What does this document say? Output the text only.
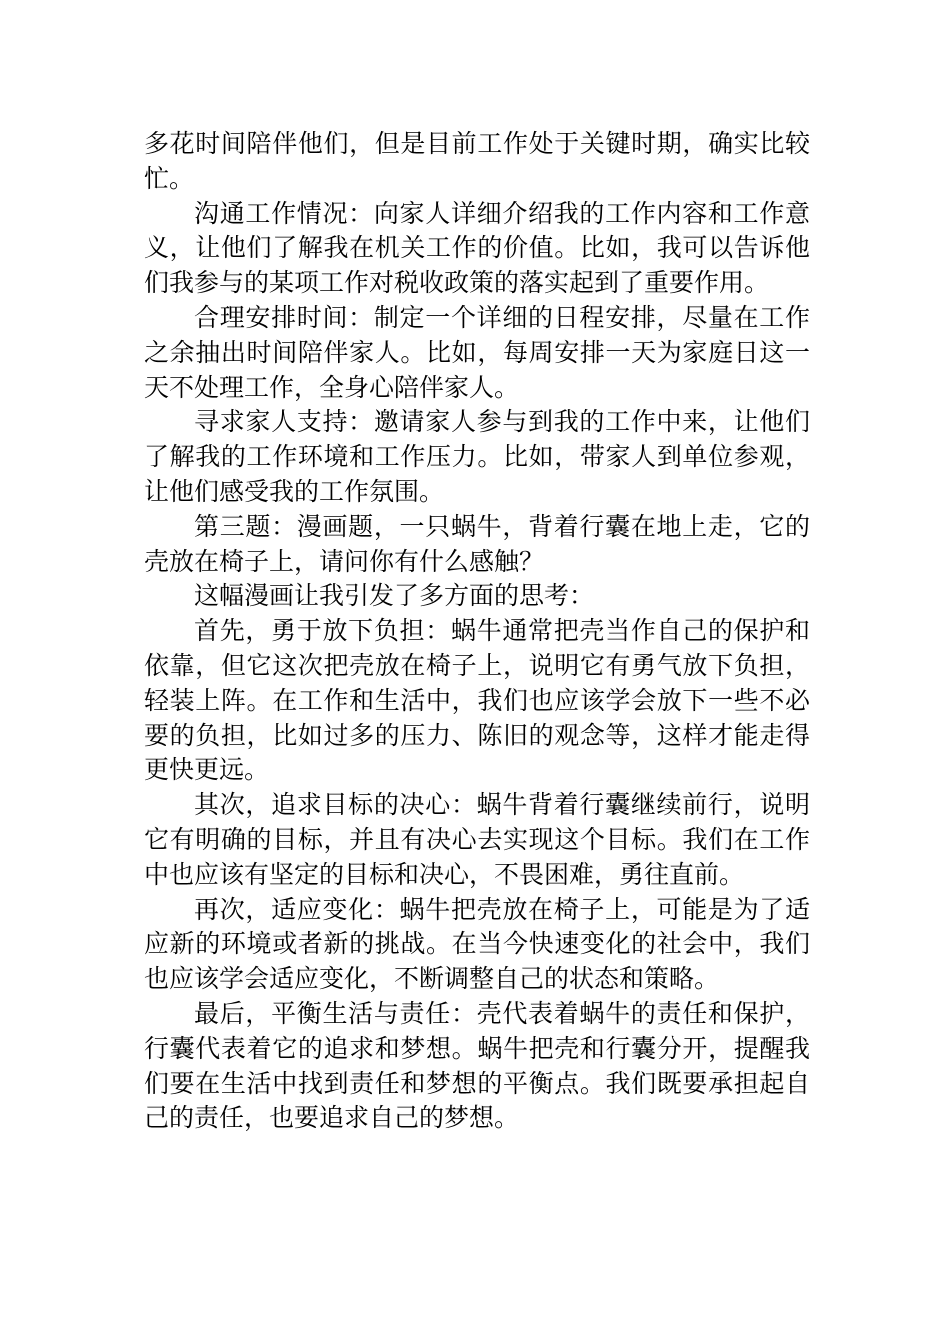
多花时间陪伴他们，但是目前工作处于关键时期，确实比较忙。

沟通工作情况：向家人详细介绍我的工作内容和工作意义，让他们了解我在机关工作的价值。比如，我可以告诉他们我参与的某项工作对税收政策的落实起到了重要作用。

合理安排时间：制定一个详细的日程安排，尽量在工作之余抽出时间陪伴家人。比如，每周安排一天为家庭日这一天不处理工作，全身心陪伴家人。

寻求家人支持：邀请家人参与到我的工作中来，让他们了解我的工作环境和工作压力。比如，带家人到单位参观，让他们感受我的工作氛围。

第三题：漫画题，一只蜗牛，背着行囊在地上走，它的壳放在椅子上，请问你有什么感触？

这幅漫画让我引发了多方面的思考：

首先，勇于放下负担：蜗牛通常把壳当作自己的保护和依靠，但它这次把壳放在椅子上，说明它有勇气放下负担，轻装上阵。在工作和生活中，我们也应该学会放下一些不必要的负担，比如过多的压力、陈旧的观念等，这样才能走得更快更远。

其次，追求目标的决心：蜗牛背着行囊继续前行，说明它有明确的目标，并且有决心去实现这个目标。我们在工作中也应该有坚定的目标和决心，不畏困难，勇往直前。

再次，适应变化：蜗牛把壳放在椅子上，可能是为了适应新的环境或者新的挑战。在当今快速变化的社会中，我们也应该学会适应变化，不断调整自己的状态和策略。

最后，平衡生活与责任：壳代表着蜗牛的责任和保护，行囊代表着它的追求和梦想。蜗牛把壳和行囊分开，提醒我们要在生活中找到责任和梦想的平衡点。我们既要承担起自己的责任，也要追求自己的梦想。
